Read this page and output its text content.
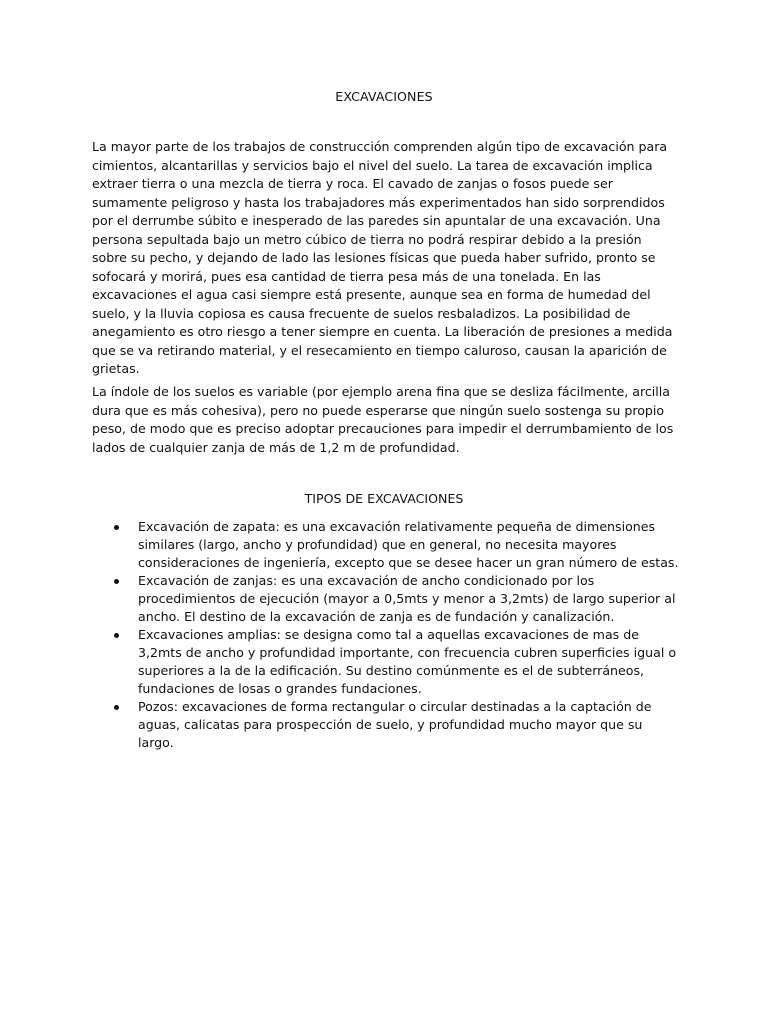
EXCAVACIONES

La mayor parte de los trabajos de construcción comprenden algún tipo de excavación para cimientos, alcantarillas y servicios bajo el nivel del suelo. La tarea de excavación implica extraer tierra o una mezcla de tierra y roca. El cavado de zanjas o fosos puede ser sumamente peligroso y hasta los trabajadores más experimentados han sido sorprendidos por el derrumbe súbito e inesperado de las paredes sin apuntalar de una excavación. Una persona sepultada bajo un metro cúbico de tierra no podrá respirar debido a la presión sobre su pecho, y dejando de lado las lesiones físicas que pueda haber sufrido, pronto se sofocará y morirá, pues esa cantidad de tierra pesa más de una tonelada. En las excavaciones el agua casi siempre está presente, aunque sea en forma de humedad del suelo, y la lluvia copiosa es causa frecuente de suelos resbaladizos. La posibilidad de anegamiento es otro riesgo a tener siempre en cuenta. La liberación de presiones a medida que se va retirando material, y el resecamiento en tiempo caluroso, causan la aparición de grietas.

La índole de los suelos es variable (por ejemplo arena fina que se desliza fácilmente, arcilla dura que es más cohesiva), pero no puede esperarse que ningún suelo sostenga su propio peso, de modo que es preciso adoptar precauciones para impedir el derrumbamiento de los lados de cualquier zanja de más de 1,2 m de profundidad.

TIPOS DE EXCAVACIONES
Excavación de zapata: es una excavación relativamente pequeña de dimensiones similares (largo, ancho y profundidad) que en general, no necesita mayores consideraciones de ingeniería, excepto que se desee hacer un gran número de estas.
Excavación de zanjas: es una excavación de ancho condicionado por los procedimientos de ejecución (mayor a 0,5mts y menor a 3,2mts) de largo superior al ancho. El destino de la excavación de zanja es de fundación y canalización.
Excavaciones amplias: se designa como tal a aquellas excavaciones de mas de 3,2mts de ancho y profundidad importante, con frecuencia cubren superficies igual o superiores a la de la edificación. Su destino comúnmente es el de subterráneos, fundaciones de losas o grandes fundaciones.
Pozos: excavaciones de forma rectangular o circular destinadas a la captación de aguas, calicatas para prospección de suelo, y profundidad mucho mayor que su largo.
